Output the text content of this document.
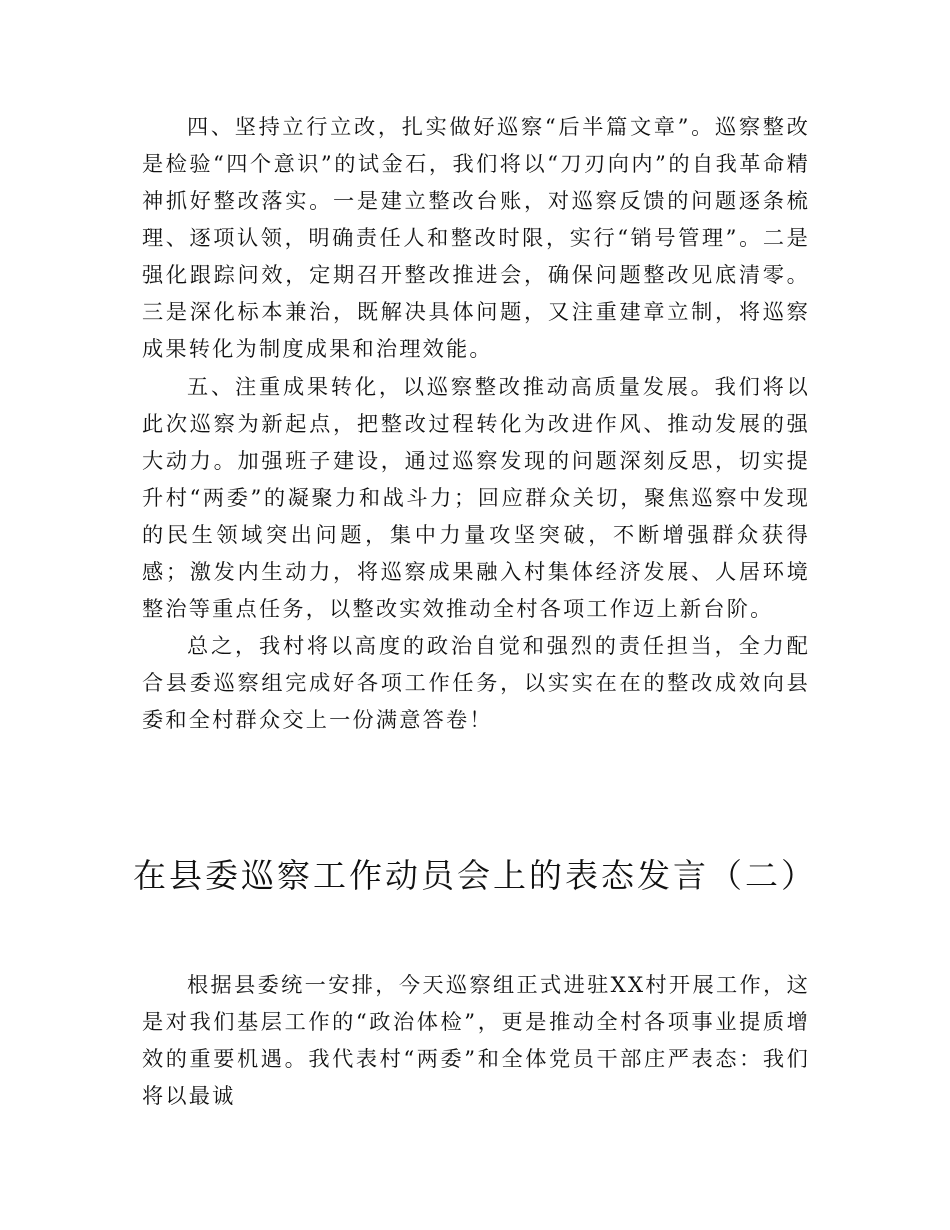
四、坚持立行立改，扎实做好巡察“后半篇文章”。巡察整改是检验“四个意识”的试金石，我们将以“刀刃向内”的自我革命精神抓好整改落实。一是建立整改台账，对巡察反馈的问题逐条梳理、逐项认领，明确责任人和整改时限，实行“销号管理”。二是强化跟踪问效，定期召开整改推进会，确保问题整改见底清零。三是深化标本兼治，既解决具体问题，又注重建章立制，将巡察成果转化为制度成果和治理效能。

五、注重成果转化，以巡察整改推动高质量发展。我们将以此次巡察为新起点，把整改过程转化为改进作风、推动发展的强大动力。加强班子建设，通过巡察发现的问题深刻反思，切实提升村“两委”的凝聚力和战斗力；回应群众关切，聚焦巡察中发现的民生领域突出问题，集中力量攻坚突破，不断增强群众获得感；激发内生动力，将巡察成果融入村集体经济发展、人居环境整治等重点任务，以整改实效推动全村各项工作迈上新台阶。

总之，我村将以高度的政治自觉和强烈的责任担当，全力配合县委巡察组完成好各项工作任务，以实实在在的整改成效向县委和全村群众交上一份满意答卷！

在县委巡察工作动员会上的表态发言（二）

根据县委统一安排，今天巡察组正式进驻XX村开展工作，这是对我们基层工作的“政治体检”，更是推动全村各项事业提质增效的重要机遇。我代表村“两委”和全体党员干部庄严表态：我们将以最诚
